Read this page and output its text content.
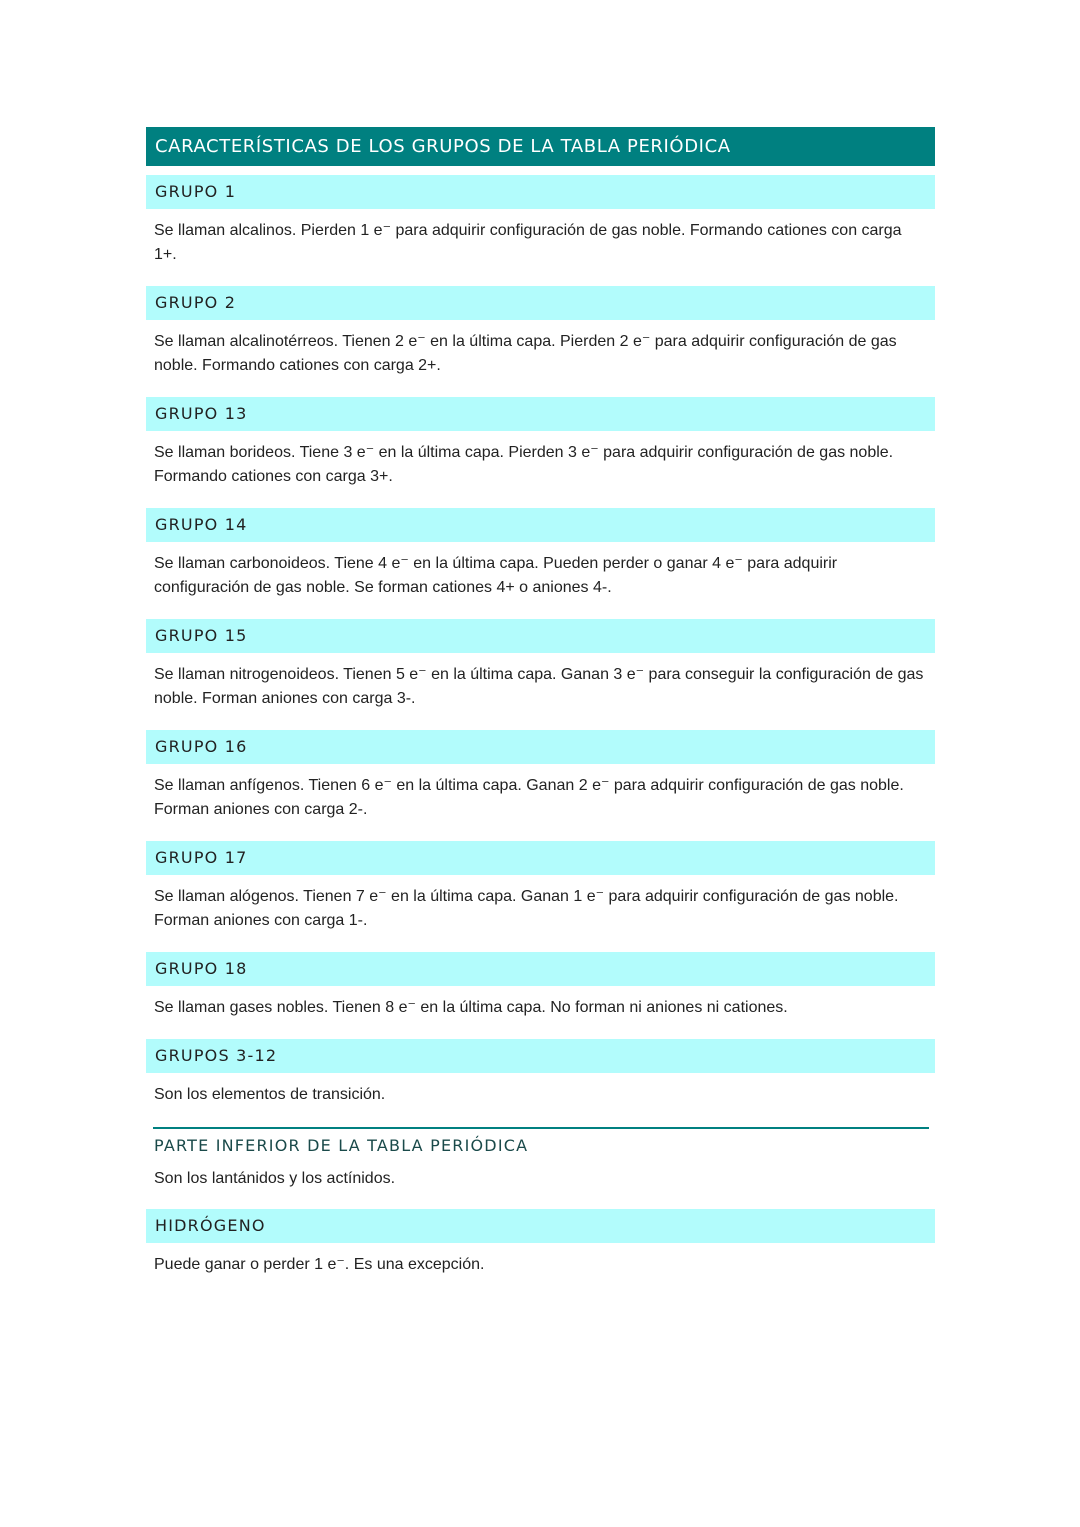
CARACTERÍSTICAS DE LOS GRUPOS DE LA TABLA PERIÓDICA
GRUPO 1
Se llaman alcalinos. Pierden 1 e⁻ para adquirir configuración de gas noble. Formando cationes con carga 1+.
GRUPO 2
Se llaman alcalinotérreos. Tienen 2 e⁻ en la última capa. Pierden 2 e⁻ para adquirir configuración de gas noble. Formando cationes con carga 2+.
GRUPO 13
Se llaman borideos. Tiene 3 e⁻ en la última capa. Pierden 3 e⁻ para adquirir configuración de gas noble. Formando cationes con carga 3+.
GRUPO 14
Se llaman carbonoideos. Tiene 4 e⁻ en la última capa. Pueden perder o ganar 4 e⁻ para adquirir configuración de gas noble. Se forman cationes 4+ o aniones 4-.
GRUPO 15
Se llaman nitrogenoideos. Tienen 5 e⁻ en la última capa. Ganan 3 e⁻ para conseguir la configuración de gas noble. Forman aniones con carga 3-.
GRUPO 16
Se llaman anfígenos. Tienen 6 e⁻ en la última capa. Ganan 2 e⁻ para adquirir configuración de gas noble. Forman aniones con carga 2-.
GRUPO 17
Se llaman alógenos. Tienen 7 e⁻ en la última capa. Ganan 1 e⁻ para adquirir configuración de gas noble. Forman aniones con carga 1-.
GRUPO 18
Se llaman gases nobles. Tienen 8 e⁻ en la última capa. No forman ni aniones ni cationes.
GRUPOS 3-12
Son los elementos de transición.
PARTE INFERIOR DE LA TABLA PERIÓDICA
Son los lantánidos y los actínidos.
HIDRÓGENO
Puede ganar o perder 1 e⁻. Es una excepción.
